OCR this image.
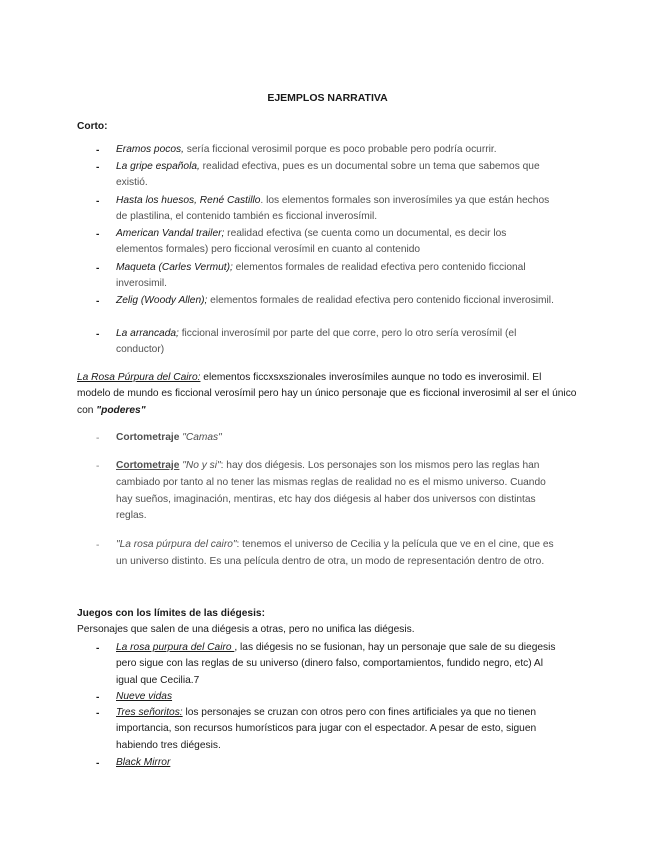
EJEMPLOS NARRATIVA
Corto:
- Eramos pocos, sería ficcional verosimil porque es poco probable pero podría ocurrir.
- La gripe española, realidad efectiva, pues es un documental sobre un tema que sabemos que existió.
- Hasta los huesos, René Castillo. los elementos formales son inverosímiles ya que están hechos de plastilina, el contenido también es ficcional inverosímil.
- American Vandal trailer; realidad efectiva (se cuenta como un documental, es decir los elementos formales) pero ficcional verosímil en cuanto al contenido
- Maqueta (Carles Vermut); elementos formales de realidad efectiva pero contenido ficcional inverosimil.
- Zelig (Woody Allen); elementos formales de realidad efectiva pero contenido ficcional inverosimil.
- La arrancada; ficcional inverosímil por parte del que corre, pero lo otro sería verosímil (el conductor)
La Rosa Púrpura del Cairo: elementos ficcxsxszionales inverosímiles aunque no todo es inverosimil. El modelo de mundo es ficcional verosímil pero hay un único personaje que es ficcional inverosimil al ser el único con "poderes"
- Cortometraje "Camas"
- Cortometraje "No y si": hay dos diégesis. Los personajes son los mismos pero las reglas han cambiado por tanto al no tener las mismas reglas de realidad no es el mismo universo. Cuando hay sueños, imaginación, mentiras, etc hay dos diégesis al haber dos universos con distintas reglas.
- "La rosa púrpura del cairo": tenemos el universo de Cecilia y la película que ve en el cine, que es un universo distinto. Es una película dentro de otra, un modo de representación dentro de otro.
Juegos con los límites de las diégesis:
Personajes que salen de una diégesis a otras, pero no unifica las diégesis.
- La rosa purpura del Cairo , las diégesis no se fusionan, hay un personaje que sale de su diegesis pero sigue con las reglas de su universo (dinero falso, comportamientos, fundido negro, etc) Al igual que Cecilia.7
- Nueve vidas
- Tres señoritos: los personajes se cruzan con otros pero con fines artificiales ya que no tienen importancia, son recursos humorísticos para jugar con el espectador. A pesar de esto, siguen habiendo tres diégesis.
- Black Mirror
